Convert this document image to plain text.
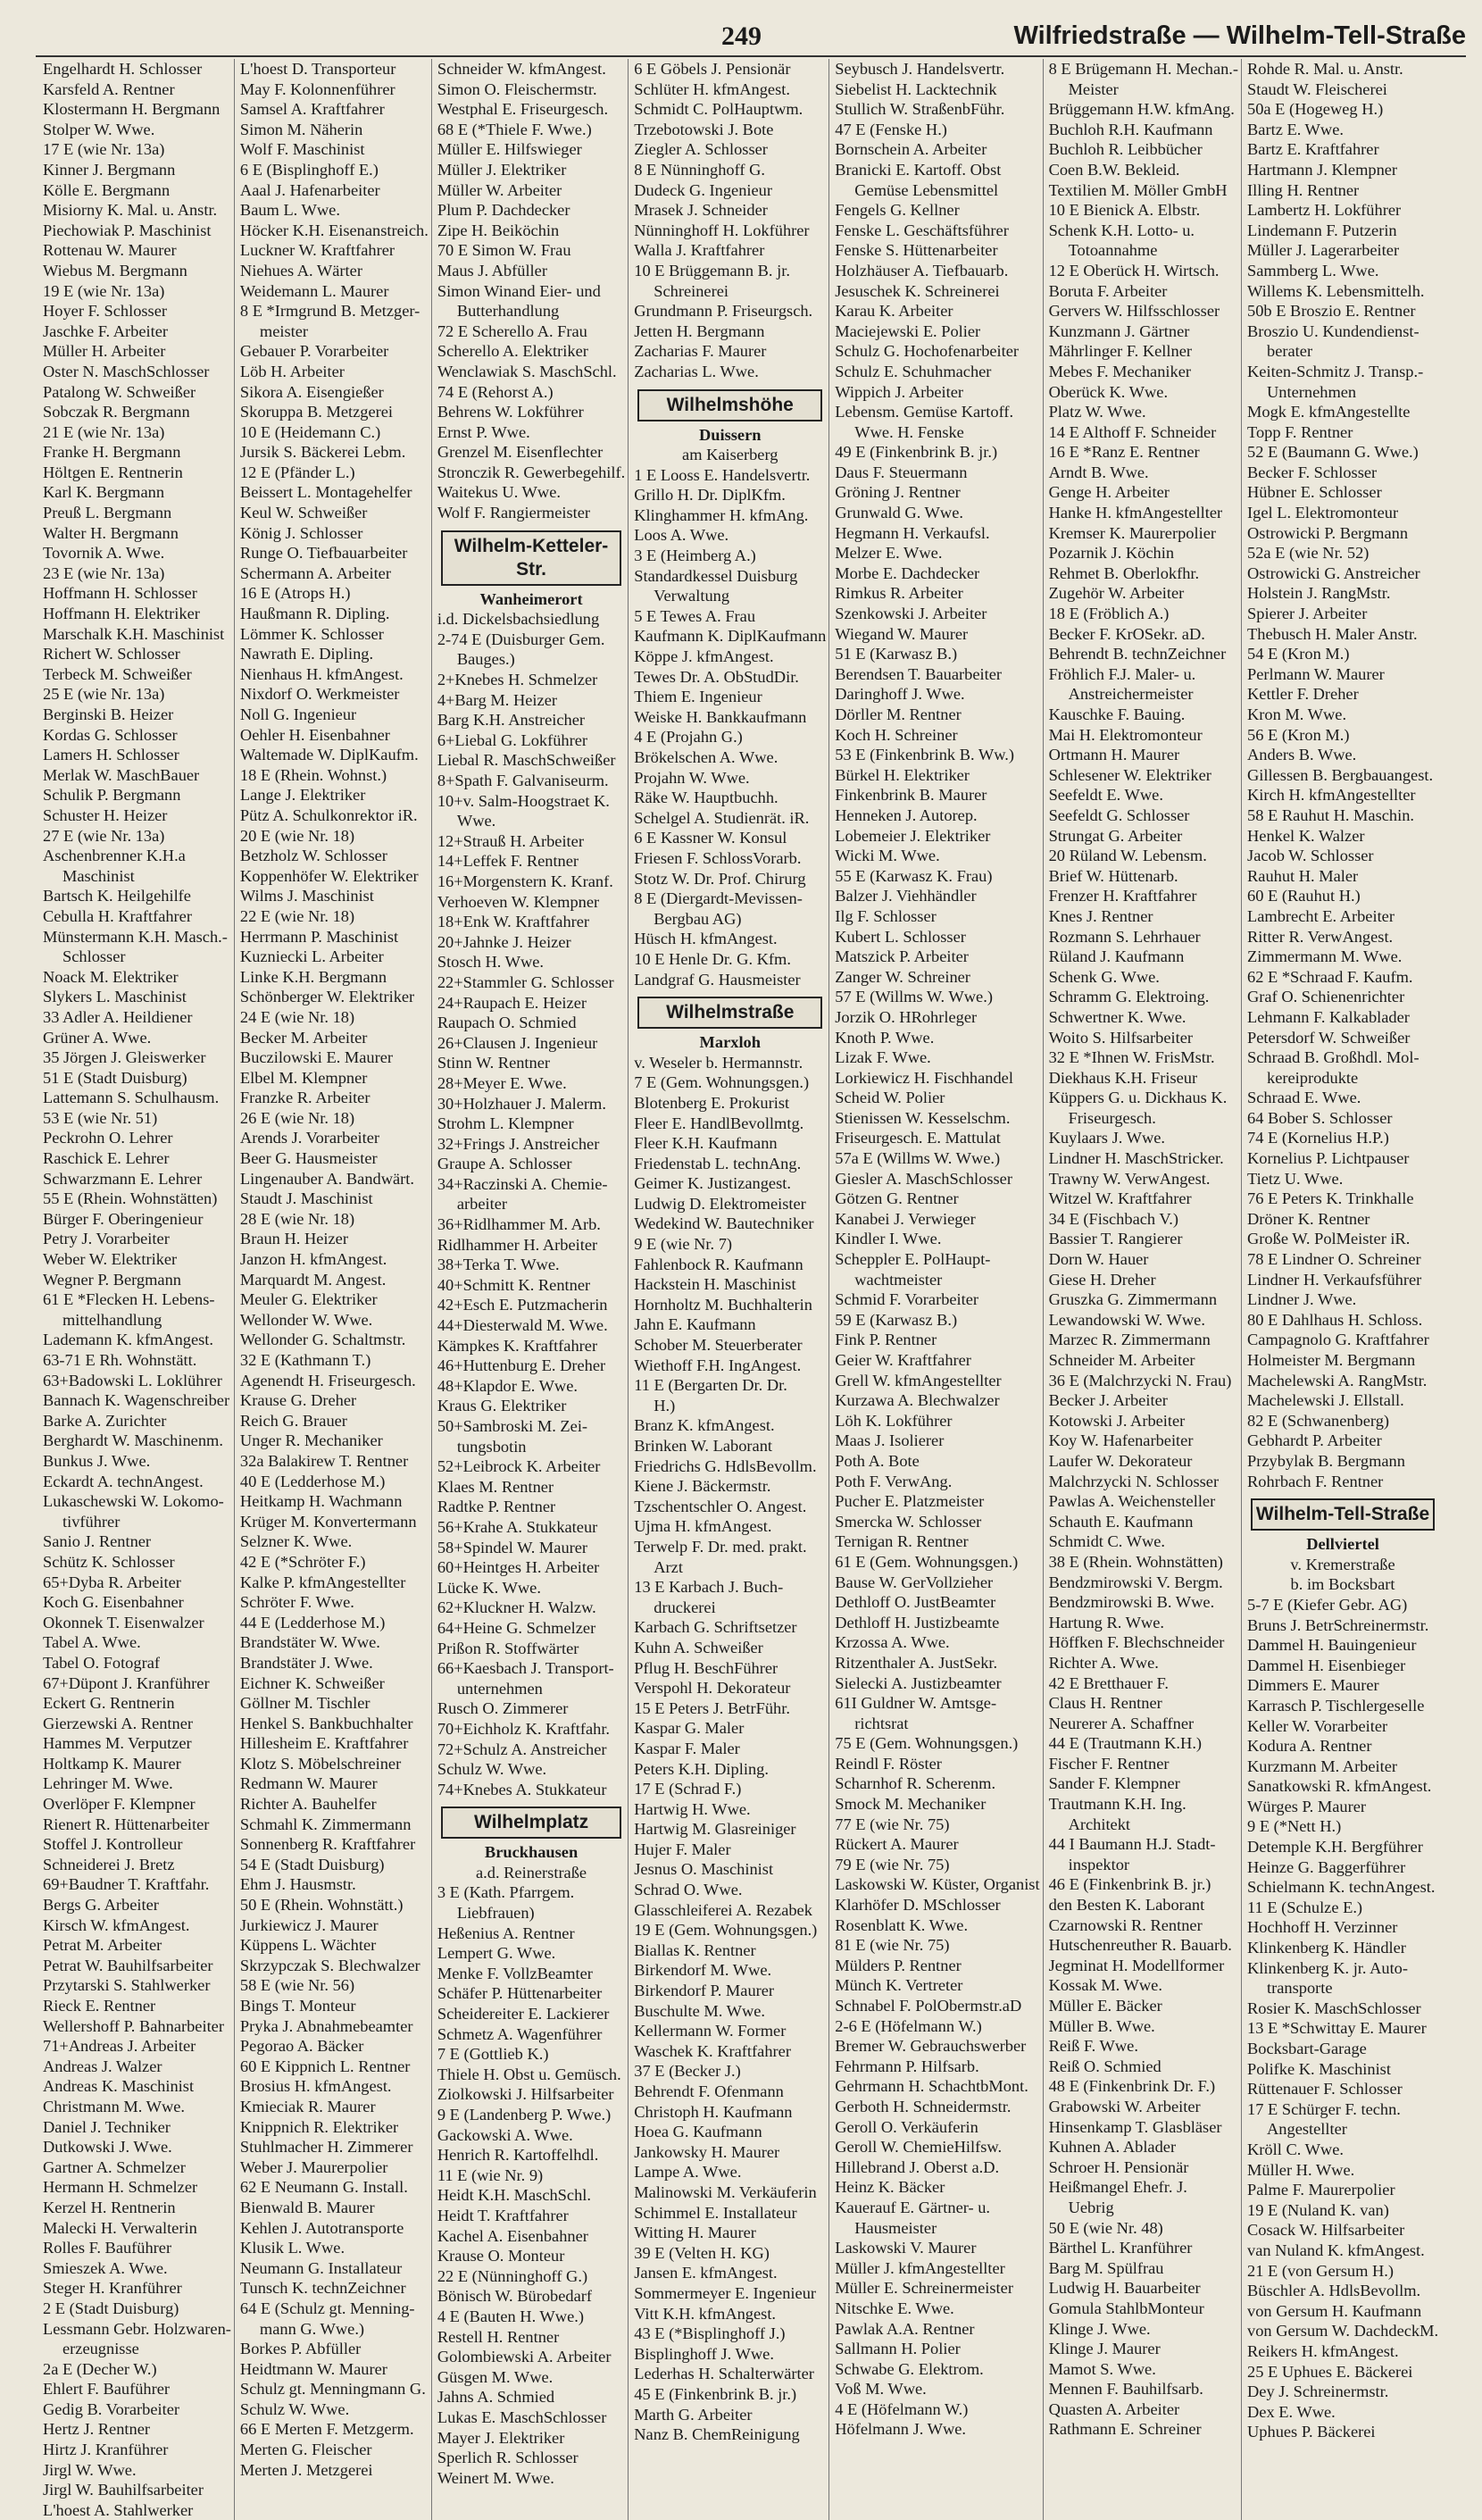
249	Wilfriedstraße — Wilhelm-Tell-Straße
Engelhardt H. Schlosser
Karsfeld A. Rentner
Klostermann H. Bergmann
Stolper W. Wwe.
17 E (wie Nr. 13a)
Kinner J. Bergmann
Kölle E. Bergmann
Misiorny K. Mal. u. Anstr.
Piechowiak P. Maschinist
Rottenau W. Maurer
Wiebus M. Bergmann
19 E (wie Nr. 13a)
Hoyer F. Schlosser
Jaschke F. Arbeiter
Müller H. Arbeiter
Oster N. MaschSchlosser
Patalong W. Schweißer
Sobczak R. Bergmann
21 E (wie Nr. 13a)
Franke H. Bergmann
Höltgen E. Rentnerin
Karl K. Bergmann
Preuß L. Bergmann
Walter H. Bergmann
Tovornik A. Wwe.
23 E (wie Nr. 13a)
Hoffmann H. Schlosser
Hoffmann H. Elektriker
Marschalk K.H. Maschinist
Richert W. Schlosser
Terbeck M. Schweißer
25 E (wie Nr. 13a)
Berginski B. Heizer
Kordas G. Schlosser
Lamers H. Schlosser
Merlak W. MaschBauer
Schulik P. Bergmann
Schuster H. Heizer
27 E (wie Nr. 13a)
Aschenbrenner K.H.a
Maschinist
Bartsch K. Heilgehilfe
Cebulla H. Kraftfahrer
Münstermann K.H. Masch.-
Schlosser
Noack M. Elektriker
Slykers L. Maschinist
33 Adler A. Heildiener
Grüner A. Wwe.
35 Jörgen J. Gleiswerker
51 E (Stadt Duisburg)
Lattemann S. Schulhausm.
53 E (wie Nr. 51)
Peckrohn O. Lehrer
Raschick E. Lehrer
Schwarzmann E. Lehrer
55 E (Rhein. Wohnstätten)
Bürger F. Oberingenieur
Petry J. Vorarbeiter
Weber W. Elektriker
Wegner P. Bergmann
61 E *Flecken H. Lebens-
mittelhandlung
Lademann K. kfmAngest.
63-71 E Rh. Wohnstätt.
63+Badowski L. Loklührer
Bannach K. Wagenschreiber
Barke A. Zurichter
Berghardt W. Maschinenm.
Bunkus J. Wwe.
Eckardt A. technAngest.
Lukaschewski W. Lokomo-
tivführer
Sanio J. Rentner
Schütz K. Schlosser
65+Dyba R. Arbeiter
Koch G. Eisenbahner
Okonnek T. Eisenwalzer
Tabel A. Wwe.
Tabel O. Fotograf
67+Düpont J. Kranführer
Eckert G. Rentnerin
Gierzewski A. Rentner
Hammes M. Verputzer
Holtkamp K. Maurer
Lehringer M. Wwe.
Overlöper F. Klempner
Rienert R. Hüttenarbeiter
Stoffel J. Kontrolleur
Schneiderei J. Bretz
69+Baudner T. Kraftfahr.
Bergs G. Arbeiter
Kirsch W. kfmAngest.
Petrat M. Arbeiter
Petrat W. Bauhilfsarbeiter
Przytarski S. Stahlwerker
Rieck E. Rentner
Wellershoff P. Bahnarbeiter
71+Andreas J. Arbeiter
Andreas J. Walzer
Andreas K. Maschinist
Christmann M. Wwe.
Daniel J. Techniker
Dutkowski J. Wwe.
Gartner A. Schmelzer
Hermann H. Schmelzer
Kerzel H. Rentnerin
Malecki H. Verwalterin
Rolles F. Bauführer
Smieszek A. Wwe.
Steger H. Kranführer
2 E (Stadt Duisburg)
Lessmann Gebr. Holzwaren-
erzeugnisse
2a E (Decher W.)
Ehlert F. Bauführer
Gedig B. Vorarbeiter
Hertz J. Rentner
Hirtz J. Kranführer
Jirgl W. Wwe.
Jirgl W. Bauhilfsarbeiter
L'hoest A. Stahlwerker
L'hoest D. Transporteur
May F. Kolonnenführer
Samsel A. Kraftfahrer
Simon M. Näherin
Wolf F. Maschinist
6 E (Bisplinghoff E.)
Aaal J. Hafenarbeiter
Baum L. Wwe.
Höcker K.H. Eisenanstreich.
Luckner W. Kraftfahrer
Niehues A. Wärter
Weidemann L. Maurer
8 E *Irmgrund B. Metzger-
meister
Gebauer P. Vorarbeiter
Löb H. Arbeiter
Sikora A. Eisengießer
Skoruppa B. Metzgerei
10 E (Heidemann C.)
Jursik S. Bäckerei Lebm.
12 E (Pfänder L.)
Beissert L. Montagehelfer
Keul W. Schweißer
König J. Schlosser
Runge O. Tiefbauarbeiter
Schermann A. Arbeiter
16 E (Atrops H.)
Haußmann R. Dipling.
Lömmer K. Schlosser
Nawrath E. Dipling.
Nienhaus H. kfmAngest.
Nixdorf O. Werkmeister
Noll G. Ingenieur
Oehler H. Eisenbahner
Waltemade W. DiplKaufm.
18 E (Rhein. Wohnst.)
Lange J. Elektriker
Pütz A. Schulkonrektor iR.
20 E (wie Nr. 18)
Betzholz W. Schlosser
Koppenhöfer W. Elektriker
Wilms J. Maschinist
22 E (wie Nr. 18)
Herrmann P. Maschinist
Kuzniecki L. Arbeiter
Linke K.H. Bergmann
Schönberger W. Elektriker
24 E (wie Nr. 18)
Becker M. Arbeiter
Buczilowski E. Maurer
Elbel M. Klempner
Franzke R. Arbeiter
26 E (wie Nr. 18)
Arends J. Vorarbeiter
Beer G. Hausmeister
Lingenauber A. Bandwärt.
Staudt J. Maschinist
28 E (wie Nr. 18)
Braun H. Heizer
Janzon H. kfmAngest.
Marquardt M. Angest.
Meuler G. Elektriker
Wellonder W. Wwe.
Wellonder G. Schaltmstr.
32 E (Kathmann T.)
Agenendt H. Friseurgesch.
Krause G. Dreher
Reich G. Brauer
Unger R. Mechaniker
32a Balakirew T. Rentner
40 E (Ledderhose M.)
Heitkamp H. Wachmann
Krüger M. Konvertermann
Selzner K. Wwe.
42 E (*Schröter F.)
Kalke P. kfmAngestellter
Schröter F. Wwe.
44 E (Ledderhose M.)
Brandstäter W. Wwe.
Brandstäter J. Wwe.
Eichner K. Schweißer
Göllner M. Tischler
Henkel S. Bankbuchhalter
Hillesheim E. Kraftfahrer
Klotz S. Möbelschreiner
Redmann W. Maurer
Richter A. Bauhelfer
Schmahl K. Zimmermann
Sonnenberg R. Kraftfahrer
54 E (Stadt Duisburg)
Ehm J. Hausmstr.
50 E (Rhein. Wohnstätt.)
Jurkiewicz J. Maurer
Küppens L. Wächter
Skrzypczak S. Blechwalzer
58 E (wie Nr. 56)
Bings T. Monteur
Pryka J. Abnahmebeamter
Pegorao A. Bäcker
60 E Kippnich L. Rentner
Brosius H. kfmAngest.
Kmieciak R. Maurer
Knippnich R. Elektriker
Stuhlmacher H. Zimmerer
Weber J. Maurerpolier
62 E Neumann G. Install.
Bienwald B. Maurer
Kehlen J. Autotransporte
Klusik L. Wwe.
Neumann G. Installateur
Tunsch K. technZeichner
64 E (Schulz gt. Menning-
mann G. Wwe.)
Borkes P. Abfüller
Heidtmann W. Maurer
Schulz gt. Menningmann G.
Schulz W. Wwe.
66 E Merten F. Metzgerm.
Merten G. Fleischer
Merten J. Metzgerei
Schneider W. kfmAngest.
Simon O. Fleischermstr.
Westphal E. Friseurgesch.
68 E (*Thiele F. Wwe.)
Müller E. Hilfswieger
Müller J. Elektriker
Müller W. Arbeiter
Plum P. Dachdecker
Zipe H. Beiköchin
70 E Simon W. Frau
Maus J. Abfüller
Simon Winand Eier- und
Butterhandlung
72 E Scherello A. Frau
Scherello A. Elektriker
Wenclawiak S. MaschSchl.
74 E (Rehorst A.)
Behrens W. Lokführer
Ernst P. Wwe.
Grenzel M. Eisenflechter
Stronczik R. Gewerbegehilf.
Waitekus U. Wwe.
Wolf F. Rangiermeister
Wilhelm-Ketteler-Str.
Wanheimerort
i.d. Dickelsbachsiedlung
2-74 E (Duisburger Gem.
Bauges.)
2+Knebes H. Schmelzer
4+Barg M. Heizer
Barg K.H. Anstreicher
6+Liebal G. Lokführer
Liebal R. MaschSchweißer
8+Spath F. Galvaniseurm.
10+v. Salm-Hoogstraet K.
Wwe.
12+Strauß H. Arbeiter
14+Leffek F. Rentner
16+Morgenstern K. Kranf.
Verhoeven W. Klempner
18+Enk W. Kraftfahrer
20+Jahnke J. Heizer
Stosch H. Wwe.
22+Stammler G. Schlosser
24+Raupach E. Heizer
Raupach O. Schmied
26+Clausen J. Ingenieur
Stinn W. Rentner
28+Meyer E. Wwe.
30+Holzhauer J. Malerm.
Strohm L. Klempner
32+Frings J. Anstreicher
Graupe A. Schlosser
34+Raczinski A. Chemie-
arbeiter
36+Ridlhammer M. Arb.
Ridlhammer H. Arbeiter
38+Terka T. Wwe.
40+Schmitt K. Rentner
42+Esch E. Putzmacherin
44+Diesterwald M. Wwe.
Kämpkes K. Kraftfahrer
46+Huttenburg E. Dreher
48+Klapdor E. Wwe.
Kraus G. Elektriker
50+Sambroski M. Zei-
tungsbotin
52+Leibrock K. Arbeiter
Klaes M. Rentner
Radtke P. Rentner
56+Krahe A. Stukkateur
58+Spindel W. Maurer
60+Heintges H. Arbeiter
Lücke K. Wwe.
62+Kluckner H. Walzw.
64+Heine G. Schmelzer
Prißon R. Stoffwärter
66+Kaesbach J. Transport-
unternehmen
Rusch O. Zimmerer
70+Eichholz K. Kraftfahr.
72+Schulz A. Anstreicher
Schulz W. Wwe.
74+Knebes A. Stukkateur
Wilhelmplatz
Bruckhausen
a.d. Reinerstraße
3 E (Kath. Pfarrgem.
Liebfrauen)
Heßenius A. Rentner
Lempert G. Wwe.
Menke F. VollzBeamter
Schäfer P. Hüttenarbeiter
Scheidereiter E. Lackierer
Schmetz A. Wagenführer
7 E (Gottlieb K.)
Thiele H. Obst u. Gemüsch.
Ziolkowski J. Hilfsarbeiter
9 E (Landenberg P. Wwe.)
Gackowski A. Wwe.
Henrich R. Kartoffelhdl.
11 E (wie Nr. 9)
Heidt K.H. MaschSchl.
Heidt T. Kraftfahrer
Kachel A. Eisenbahner
Krause O. Monteur
22 E (Nünninghoff G.)
Bönisch W. Bürobedarf
4 E (Bauten H. Wwe.)
Restell H. Rentner
Golombiewski A. Arbeiter
Güsgen M. Wwe.
Jahns A. Schmied
Lukas E. MaschSchlosser
Mayer J. Elektriker
Sperlich R. Schlosser
Weinert M. Wwe.
6 E Göbels J. Pensionär
Schlüter H. kfmAngest.
Schmidt C. PolHauptwm.
Trzebotowski J. Bote
Ziegler A. Schlosser
8 E Nünninghoff G.
Dudeck G. Ingenieur
Mrasek J. Schneider
Nünninghoff H. Lokführer
Walla J. Kraftfahrer
10 E Brüggemann B. jr.
Schreinerei
Grundmann P. Friseurgsch.
Jetten H. Bergmann
Zacharias F. Maurer
Zacharias L. Wwe.
Wilhelmshöhe
Duissern
am Kaiserberg
1 E Looss E. Handelsvertr.
Grillo H. Dr. DiplKfm.
Klinghammer H. kfmAng.
Loos A. Wwe.
3 E (Heimberg A.)
Standardkessel Duisburg
Verwaltung
5 E Tewes A. Frau
Kaufmann K. DiplKaufmann
Köppe J. kfmAngest.
Tewes Dr. A. ObStudDir.
Thiem E. Ingenieur
Weiske H. Bankkaufmann
4 E (Projahn G.)
Brökelschen A. Wwe.
Projahn W. Wwe.
Räke W. Hauptbuchh.
Schelgel A. Studienrät. iR.
6 E Kassner W. Konsul
Friesen F. SchlossVorarb.
Stotz W. Dr. Prof. Chirurg
8 E (Diergardt-Mevissen-
Bergbau AG)
Hüsch H. kfmAngest.
10 E Henle Dr. G. Kfm.
Landgraf G. Hausmeister
Wilhelmstraße
Marxloh
v. Weseler b. Hermannstr.
7 E (Gem. Wohnungsgen.)
Blotenberg E. Prokurist
Fleer E. HandlBevollmtg.
Fleer K.H. Kaufmann
Friedenstab L. technAng.
Geimer K. Justizangest.
Ludwig D. Elektromeister
Wedekind W. Bautechniker
9 E (wie Nr. 7)
Fahlenbock R. Kaufmann
Hackstein H. Maschinist
Hornholtz M. Buchhalterin
Jahn E. Kaufmann
Schober M. Steuerberater
Wiethoff F.H. IngAngest.
11 E (Bergarten Dr. Dr.
H.)
Branz K. kfmAngest.
Brinken W. Laborant
Friedrichs G. HdlsBevollm.
Kiene J. Bäckermstr.
Tzschentschler O. Angest.
Ujma H. kfmAngest.
Terwelp F. Dr. med. prakt.
Arzt
13 E Karbach J. Buch-
druckerei
Karbach G. Schriftsetzer
Kuhn A. Schweißer
Pflug H. BeschFührer
Verspohl H. Dekorateur
15 E Peters J. BetrFühr.
Kaspar G. Maler
Kaspar F. Maler
Peters K.H. Dipling.
17 E (Schrad F.)
Hartwig H. Wwe.
Hartwig M. Glasreiniger
Hujer F. Maler
Jesnus O. Maschinist
Schrad O. Wwe.
Glasschleiferei A. Rezabek
19 E (Gem. Wohnungsgen.)
Biallas K. Rentner
Birkendorf M. Wwe.
Birkendorf P. Maurer
Buschulte M. Wwe.
Kellermann W. Former
Waschek K. Kraftfahrer
37 E (Becker J.)
Behrendt F. Ofenmann
Christoph H. Kaufmann
Hoea G. Kaufmann
Jankowsky H. Maurer
Lampe A. Wwe.
Malinowski M. Verkäuferin
Schimmel E. Installateur
Witting H. Maurer
39 E (Velten H. KG)
Jansen E. kfmAngest.
Sommermeyer E. Ingenieur
Vitt K.H. kfmAngest.
43 E (*Bisplinghoff J.)
Bisplinghoff J. Wwe.
Lederhas H. Schalterwärter
45 E (Finkenbrink B. jr.)
Marth G. Arbeiter
Nanz B. ChemReinigung
Seybusch J. Handelsvertr.
Siebelist H. Lacktechnik
Stullich W. StraßenbFühr.
47 E (Fenske H.)
Bornschein A. Arbeiter
Branicki E. Kartoff. Obst
Gemüse Lebensmittel
Fengels G. Kellner
Fenske L. Geschäftsführer
Fenske S. Hüttenarbeiter
Holzhäuser A. Tiefbauarb.
Jesuschek K. Schreinerei
Karau K. Arbeiter
Maciejewski E. Polier
Schulz G. Hochofenarbeiter
Schulz E. Schuhmacher
Wippich J. Arbeiter
Lebensm. Gemüse Kartoff.
Wwe. H. Fenske
49 E (Finkenbrink B. jr.)
Daus F. Steuermann
Gröning J. Rentner
Grunwald G. Wwe.
Hegmann H. Verkaufsl.
Melzer E. Wwe.
Morbe E. Dachdecker
Rimkus R. Arbeiter
Szenkowski J. Arbeiter
Wiegand W. Maurer
51 E (Karwasz B.)
Berendsen T. Bauarbeiter
Daringhoff J. Wwe.
Dörller M. Rentner
Koch H. Schreiner
53 E (Finkenbrink B. Ww.)
Bürkel H. Elektriker
Finkenbrink B. Maurer
Henneken J. Autorep.
Lobemeier J. Elektriker
Wicki M. Wwe.
55 E (Karwasz K. Frau)
Balzer J. Viehhändler
Ilg F. Schlosser
Kubert L. Schlosser
Matszick P. Arbeiter
Zanger W. Schreiner
57 E (Willms W. Wwe.)
Jorzik O. HRohrleger
Knoth P. Wwe.
Lizak F. Wwe.
Lorkiewicz H. Fischhandel
Scheid W. Polier
Stienissen W. Kesselschm.
Friseurgesch. E. Mattulat
57a E (Willms W. Wwe.)
Giesler A. MaschSchlosser
Götzen G. Rentner
Kanabei J. Verwieger
Kindler I. Wwe.
Scheppler E. PolHaupt-
wachtmeister
Schmid F. Vorarbeiter
59 E (Karwasz B.)
Fink P. Rentner
Geier W. Kraftfahrer
Grell W. kfmAngestellter
Kurzawa A. Blechwalzer
Löh K. Lokführer
Maas J. Isolierer
Poth A. Bote
Poth F. VerwAng.
Pucher E. Platzmeister
Smercka W. Schlosser
Ternigan R. Rentner
61 E (Gem. Wohnungsgen.)
Bause W. GerVollzieher
Dethloff O. JustBeamter
Dethloff H. Justizbeamte
Krzossa A. Wwe.
Ritzenthaler A. JustSekr.
Sielecki A. Justizbeamter
61I Guldner W. Amtsge-
richtsrat
75 E (Gem. Wohnungsgen.)
Reindl F. Röster
Scharnhof R. Scherenm.
Smock M. Mechaniker
77 E (wie Nr. 75)
Rückert A. Maurer
79 E (wie Nr. 75)
Laskowski W. Küster, Organist
Klarhöfer D. MSchlosser
Rosenblatt K. Wwe.
81 E (wie Nr. 75)
Mülders P. Rentner
Münch K. Vertreter
Schnabel F. PolObermstr.aD
2-6 E (Höfelmann W.)
Bremer W. Gebrauchswerber
Fehrmann P. Hilfsarb.
Gehrmann H. SchachtbMont.
Gerboth H. Schneidermstr.
Geroll O. Verkäuferin
Geroll W. ChemieHilfsw.
Hillebrand J. Oberst a.D.
Heinz K. Bäcker
Kauerauf E. Gärtner- u.
Hausmeister
Laskowski V. Maurer
Müller J. kfmAngestellter
Müller E. Schreinermeister
Nitschke E. Wwe.
Pawlak A.A. Rentner
Sallmann H. Polier
Schwabe G. Elektrom.
Voß M. Wwe.
4 E (Höfelmann W.)
Höfelmann J. Wwe.
8 E Brügemann H. Mechan.-
Meister
Brüggemann H.W. kfmAng.
Buchloh R.H. Kaufmann
Buchloh R. Leibbücher
Coen B.W. Bekleid.
Textilien M. Möller GmbH
10 E Bienick A. Elbstr.
Schenk K.H. Lotto- u.
Totoannahme
12 E Oberück H. Wirtsch.
Boruta F. Arbeiter
Gervers W. Hilfsschlosser
Kunzmann J. Gärtner
Mährlinger F. Kellner
Mebes F. Mechaniker
Oberück K. Wwe.
Platz W. Wwe.
14 E Althoff F. Schneider
16 E *Ranz E. Rentner
Arndt B. Wwe.
Genge H. Arbeiter
Hanke H. kfmAngestellter
Kremser K. Maurerpolier
Pozarnik J. Köchin
Rehmet B. Oberlokfhr.
Zugehör W. Arbeiter
18 E (Fröblich A.)
Becker F. KrOSekr. aD.
Behrendt B. technZeichner
Fröhlich F.J. Maler- u.
Anstreichermeister
Kauschke F. Bauing.
Mai H. Elektromonteur
Ortmann H. Maurer
Schlesener W. Elektriker
Seefeldt E. Wwe.
Seefeldt G. Schlosser
Strungat G. Arbeiter
20 Rüland W. Lebensm.
Brief W. Hüttenarb.
Frenzer H. Kraftfahrer
Knes J. Rentner
Rozmann S. Lehrhauer
Rüland J. Kaufmann
Schenk G. Wwe.
Schramm G. Elektroing.
Schwertner K. Wwe.
Woito S. Hilfsarbeiter
32 E *Ihnen W. FrisMstr.
Diekhaus K.H. Friseur
Küppers G. u. Dickhaus K.
Friseurgesch.
Kuylaars J. Wwe.
Lindner H. MaschStricker.
Trawny W. VerwAngest.
Witzel W. Kraftfahrer
34 E (Fischbach V.)
Bassier T. Rangierer
Dorn W. Hauer
Giese H. Dreher
Gruszka G. Zimmermann
Lewandowski W. Wwe.
Marzec R. Zimmermann
Schneider M. Arbeiter
36 E (Malchrzycki N. Frau)
Becker J. Arbeiter
Kotowski J. Arbeiter
Koy W. Hafenarbeiter
Laufer W. Dekorateur
Malchrzycki N. Schlosser
Pawlas A. Weichensteller
Schauth E. Kaufmann
Schmidt C. Wwe.
38 E (Rhein. Wohnstätten)
Bendzmirowski V. Bergm.
Bendzmirowski B. Wwe.
Hartung R. Wwe.
Höffken F. Blechschneider
Richter A. Wwe.
42 E Bretthauer F.
Claus H. Rentner
Neurerer A. Schaffner
44 E (Trautmann K.H.)
Fischer F. Rentner
Sander F. Klempner
Trautmann K.H. Ing.
Architekt
44 I Baumann H.J. Stadt-
inspektor
46 E (Finkenbrink B. jr.)
den Besten K. Laborant
Czarnowski R. Rentner
Hutschenreuther R. Bauarb.
Jegminat H. Modellformer
Kossak M. Wwe.
Müller E. Bäcker
Müller B. Wwe.
Reiß F. Wwe.
Reiß O. Schmied
48 E (Finkenbrink Dr. F.)
Grabowski W. Arbeiter
Hinsenkamp T. Glasbläser
Kuhnen A. Ablader
Schroer H. Pensionär
Heißmangel Ehefr. J.
Uebrig
50 E (wie Nr. 48)
Bärthel L. Kranführer
Barg M. Spülfrau
Ludwig H. Bauarbeiter
Gomula StahlbMonteur
Klinge J. Wwe.
Klinge J. Maurer
Mamot S. Wwe.
Mennen F. Bauhilfsarb.
Quasten A. Arbeiter
Rathmann E. Schreiner
Rohde R. Mal. u. Anstr.
Staudt W. Fleischerei
50a E (Hogeweg H.)
Bartz E. Wwe.
Bartz E. Kraftfahrer
Hartmann J. Klempner
Illing H. Rentner
Lambertz H. Lokführer
Lindemann F. Putzerin
Müller J. Lagerarbeiter
Sammberg L. Wwe.
Willems K. Lebensmittelh.
50b E Broszio E. Rentner
Broszio U. Kundendienst-
berater
Keiten-Schmitz J. Transp.-
Unternehmen
Mogk E. kfmAngestellte
Topp F. Rentner
52 E (Baumann G. Wwe.)
Becker F. Schlosser
Hübner E. Schlosser
Igel L. Elektromonteur
Ostrowicki P. Bergmann
52a E (wie Nr. 52)
Ostrowicki G. Anstreicher
Holstein J. RangMstr.
Spierer J. Arbeiter
Thebusch H. Maler Anstr.
54 E (Kron M.)
Perlmann W. Maurer
Kettler F. Dreher
Kron M. Wwe.
56 E (Kron M.)
Anders B. Wwe.
Gillessen B. Bergbauangest.
Kirch H. kfmAngestellter
58 E Rauhut H. Maschin.
Henkel K. Walzer
Jacob W. Schlosser
Rauhut H. Maler
60 E (Rauhut H.)
Lambrecht E. Arbeiter
Ritter R. VerwAngest.
Zimmermann M. Wwe.
62 E *Schraad F. Kaufm.
Graf O. Schienenrichter
Lehmann F. Kalkablader
Petersdorf W. Schweißer
Schraad B. Großhdl. Mol-
kereiprodukte
Schraad E. Wwe.
64 Bober S. Schlosser
74 E (Kornelius H.P.)
Kornelius P. Lichtpauser
Tietz U. Wwe.
76 E Peters K. Trinkhalle
Dröner K. Rentner
Große W. PolMeister iR.
78 E Lindner O. Schreiner
Lindner H. Verkaufsführer
Lindner J. Wwe.
80 E Dahlhaus H. Schloss.
Campagnolo G. Kraftfahrer
Holmeister M. Bergmann
Machelewski A. RangMstr.
Machelewski J. Ellstall.
82 E (Schwanenberg)
Gebhardt P. Arbeiter
Przybylak B. Bergmann
Rohrbach F. Rentner
Wilhelm-Tell-Straße
Dellviertel
v. Kremerstraße
b. im Bocksbart
5-7 E (Kiefer Gebr. AG)
Bruns J. BetrSchreinermstr.
Dammel H. Bauingenieur
Dammel H. Eisenbieger
Dimmers E. Maurer
Karrasch P. Tischlergeselle
Keller W. Vorarbeiter
Kodura A. Rentner
Kurzmann M. Arbeiter
Sanatkowski R. kfmAngest.
Würges P. Maurer
9 E (*Nett H.)
Detemple K.H. Bergführer
Heinze G. Baggerführer
Schielmann K. technAngest.
11 E (Schulze E.)
Hochhoff H. Verzinner
Klinkenberg K. Händler
Klinkenberg K. jr. Auto-
transporte
Rosier K. MaschSchlosser
13 E *Schwittay E. Maurer
Bocksbart-Garage
Polifke K. Maschinist
Rüttenauer F. Schlosser
17 E Schürger F. techn.
Angestellter
Kröll C. Wwe.
Müller H. Wwe.
Palme F. Maurerpolier
19 E (Nuland K. van)
Cosack W. Hilfsarbeiter
van Nuland K. kfmAngest.
21 E (von Gersum H.)
Büschler A. HdlsBevollm.
von Gersum H. Kaufmann
von Gersum W. DachdeckM.
Reikers H. kfmAngest.
25 E Uphues E. Bäckerei
Dey J. Schreinermstr.
Dex E. Wwe.
Uphues P. Bäckerei
